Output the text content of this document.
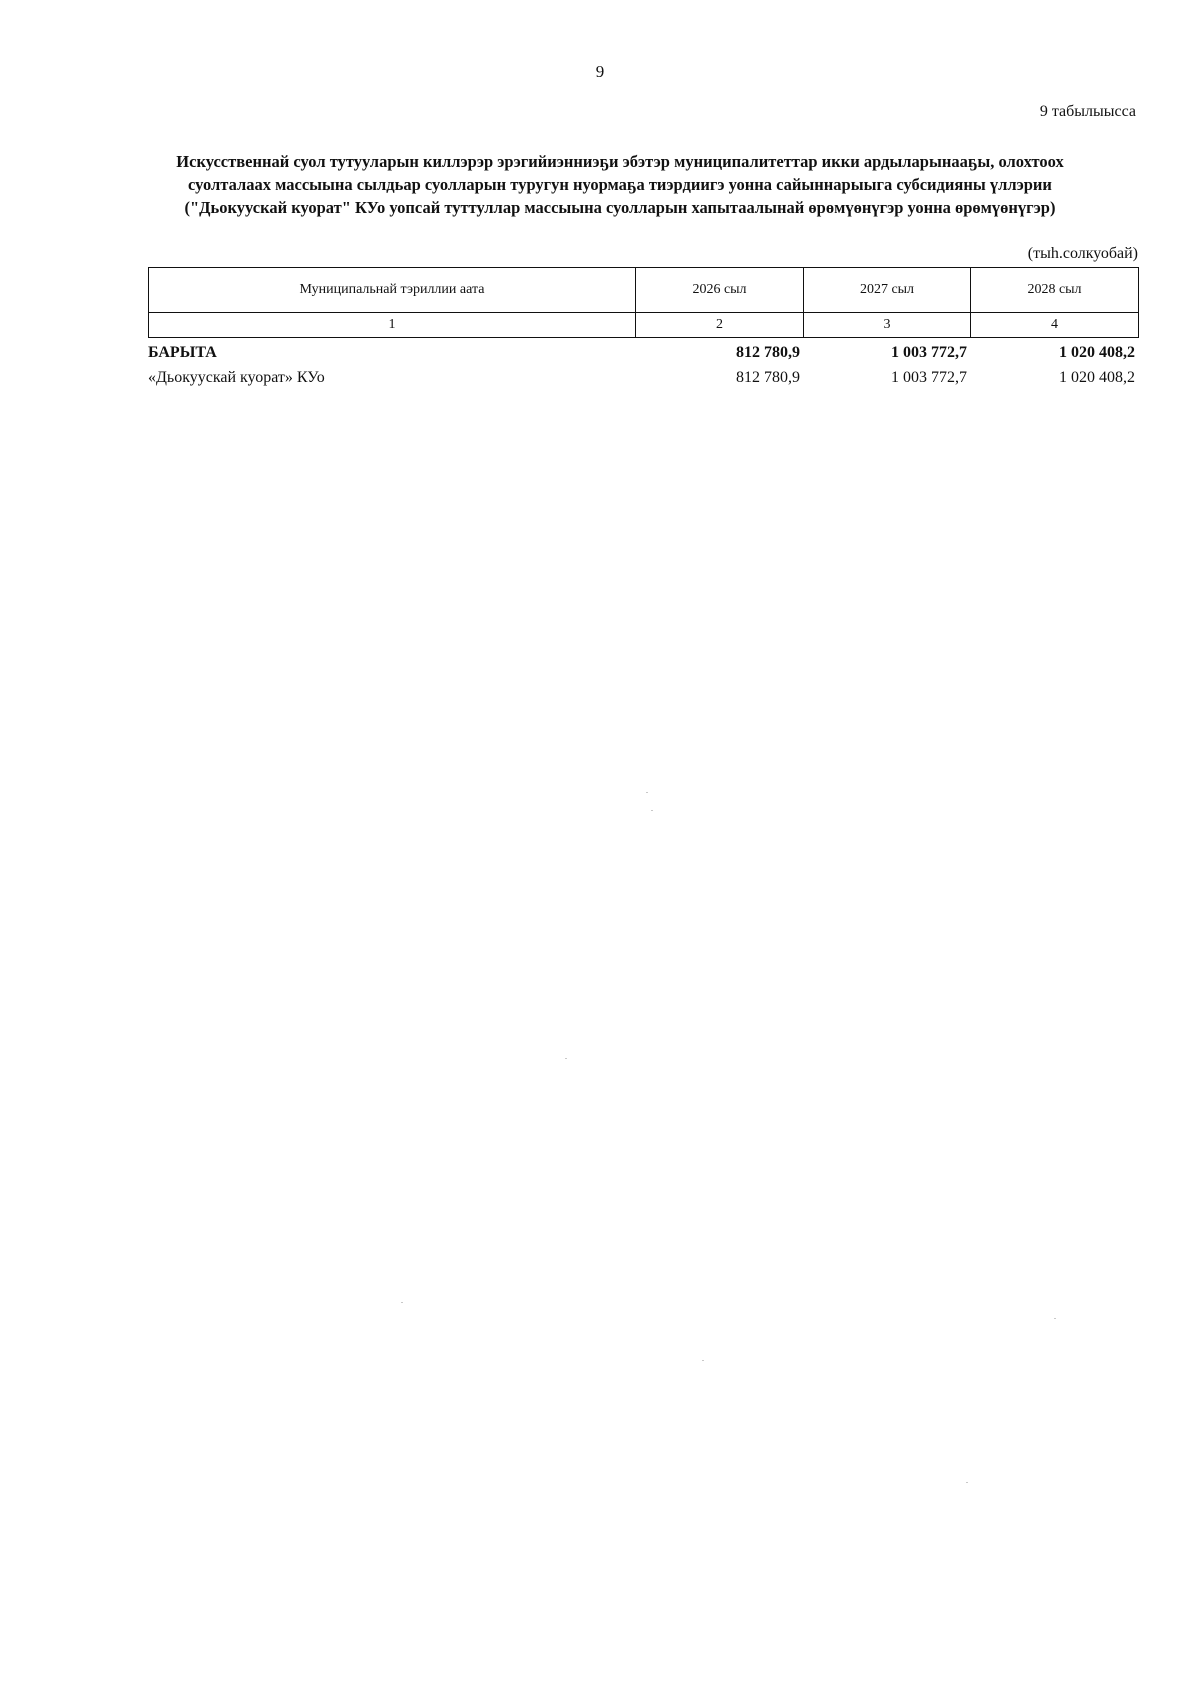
9
9 табылыысса
Искусственнай суол тутууларын киллэрэр эрэгийиэнниэҕи эбэтэр муниципалитеттар икки ардыларынааҕы, олохтоох
суолталаах массыына сылдьар суолларын туругун нуормаҕа тиэрдиигэ уонна сайыннарыыга субсидияны үллэрии
("Дьокуускай куорат" КУо уопсай туттуллар массыына суолларын хапытаалынай өрөмүөнүгэр уонна өрөмүөнүгэр)
(тыһ.солкуобай)
Муниципальнай тэриллии аата	2026 сыл	2027 сыл	2028 сыл
1	2	3	4
БАРЫТА	812 780,9	1 003 772,7	1 020 408,2
«Дьокуускай куорат» КУо	812 780,9	1 003 772,7	1 020 408,2
